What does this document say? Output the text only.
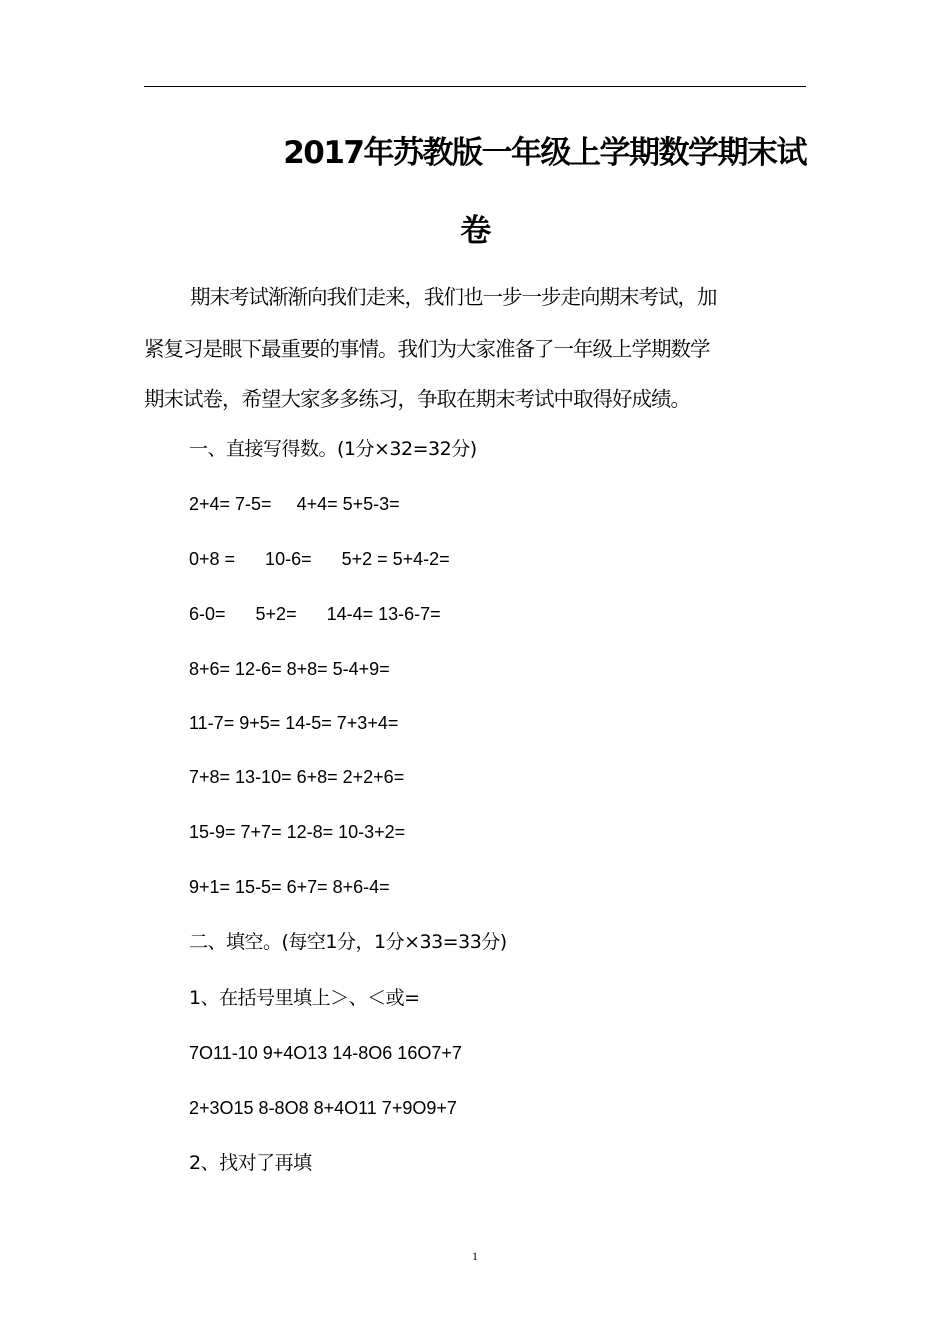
2017年苏教版一年级上学期数学期末试
卷
期末考试渐渐向我们走来，我们也一步一步走向期末考试，加
紧复习是眼下最重要的事情。我们为大家准备了一年级上学期数学
期末试卷，希望大家多多练习，争取在期末考试中取得好成绩。
一、直接写得数。(1分×32=32分)
2+4= 7-5=     4+4= 5+5-3=
0+8 =      10-6=      5+2 = 5+4-2=
6-0=      5+2=      14-4= 13-6-7=
8+6= 12-6= 8+8= 5-4+9=
11-7= 9+5= 14-5= 7+3+4=
7+8= 13-10= 6+8= 2+2+6=
15-9= 7+7= 12-8= 10-3+2=
9+1= 15-5= 6+7= 8+6-4=
二、填空。(每空1分，1分×33=33分)
1、在括号里填上＞、＜或=
7O11-10 9+4O13 14-8O6 16O7+7
2+3O15 8-8O8 8+4O11 7+9O9+7
2、找对了再填
1
